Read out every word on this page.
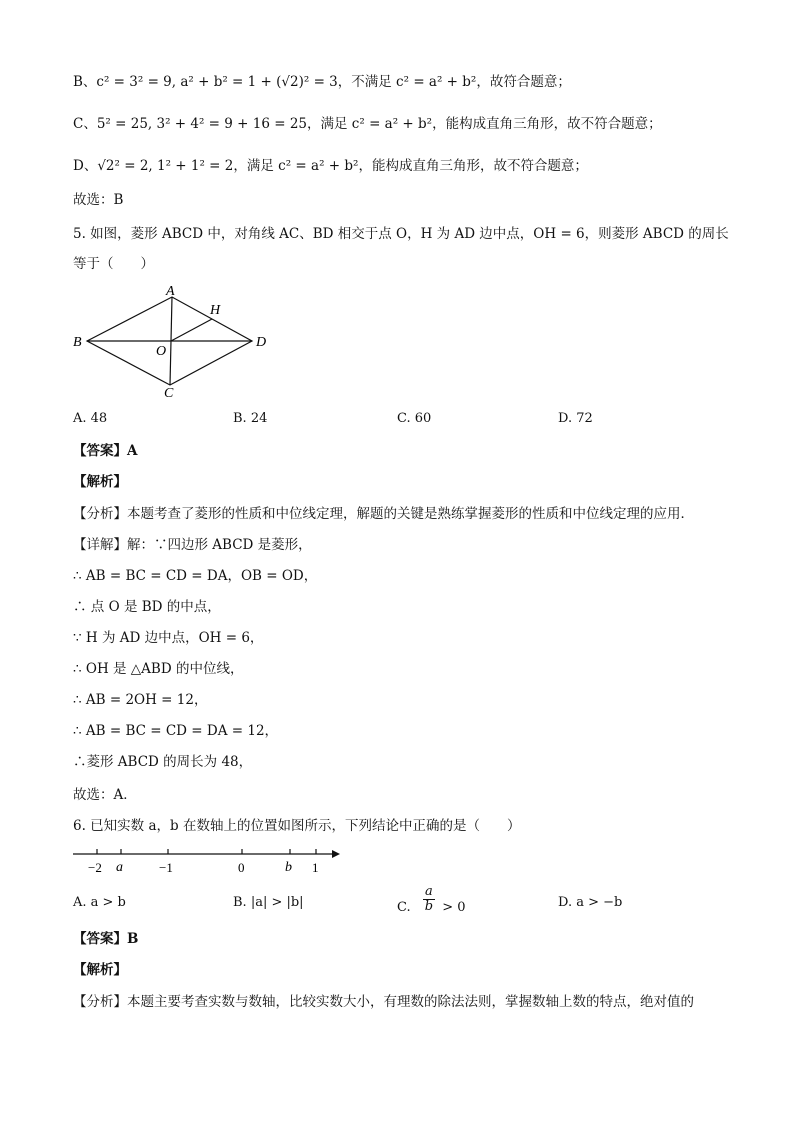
B、c² = 3² = 9, a² + b² = 1 + (√2)² = 3，不满足 c² = a² + b²，故符合题意；
C、5² = 25, 3² + 4² = 9 + 16 = 25，满足 c² = a² + b²，能构成直角三角形，故不符合题意；
D、√2² = 2, 1² + 1² = 2，满足 c² = a² + b²，能构成直角三角形，故不符合题意；
故选：B
5. 如图，菱形 ABCD 中，对角线 AC、BD 相交于点 O，H 为 AD 边中点，OH = 6，则菱形 ABCD 的周长
等于（　　）
A
B
C
D
O
H
A. 48	B. 24	C. 60	D. 72
【答案】A
【解析】
【分析】本题考查了菱形的性质和中位线定理，解题的关键是熟练掌握菱形的性质和中位线定理的应用．
【详解】解：∵四边形 ABCD 是菱形，
∴ AB = BC = CD = DA，OB = OD，
∴ 点 O 是 BD 的中点，
∵ H 为 AD 边中点，OH = 6，
∴ OH 是 △ABD 的中位线，
∴ AB = 2OH = 12，
∴ AB = BC = CD = DA = 12，
∴菱形 ABCD 的周长为 48，
故选：A．
6. 已知实数 a，b 在数轴上的位置如图所示，下列结论中正确的是（　　）
−2 a	−1	0	b 1
A. a > b	B. |a| > |b|	C. $\frac{a}{b} > 0$	D. a > −b
【答案】B
【解析】
【分析】本题主要考查实数与数轴，比较实数大小，有理数的除法法则，掌握数轴上数的特点，绝对值的
